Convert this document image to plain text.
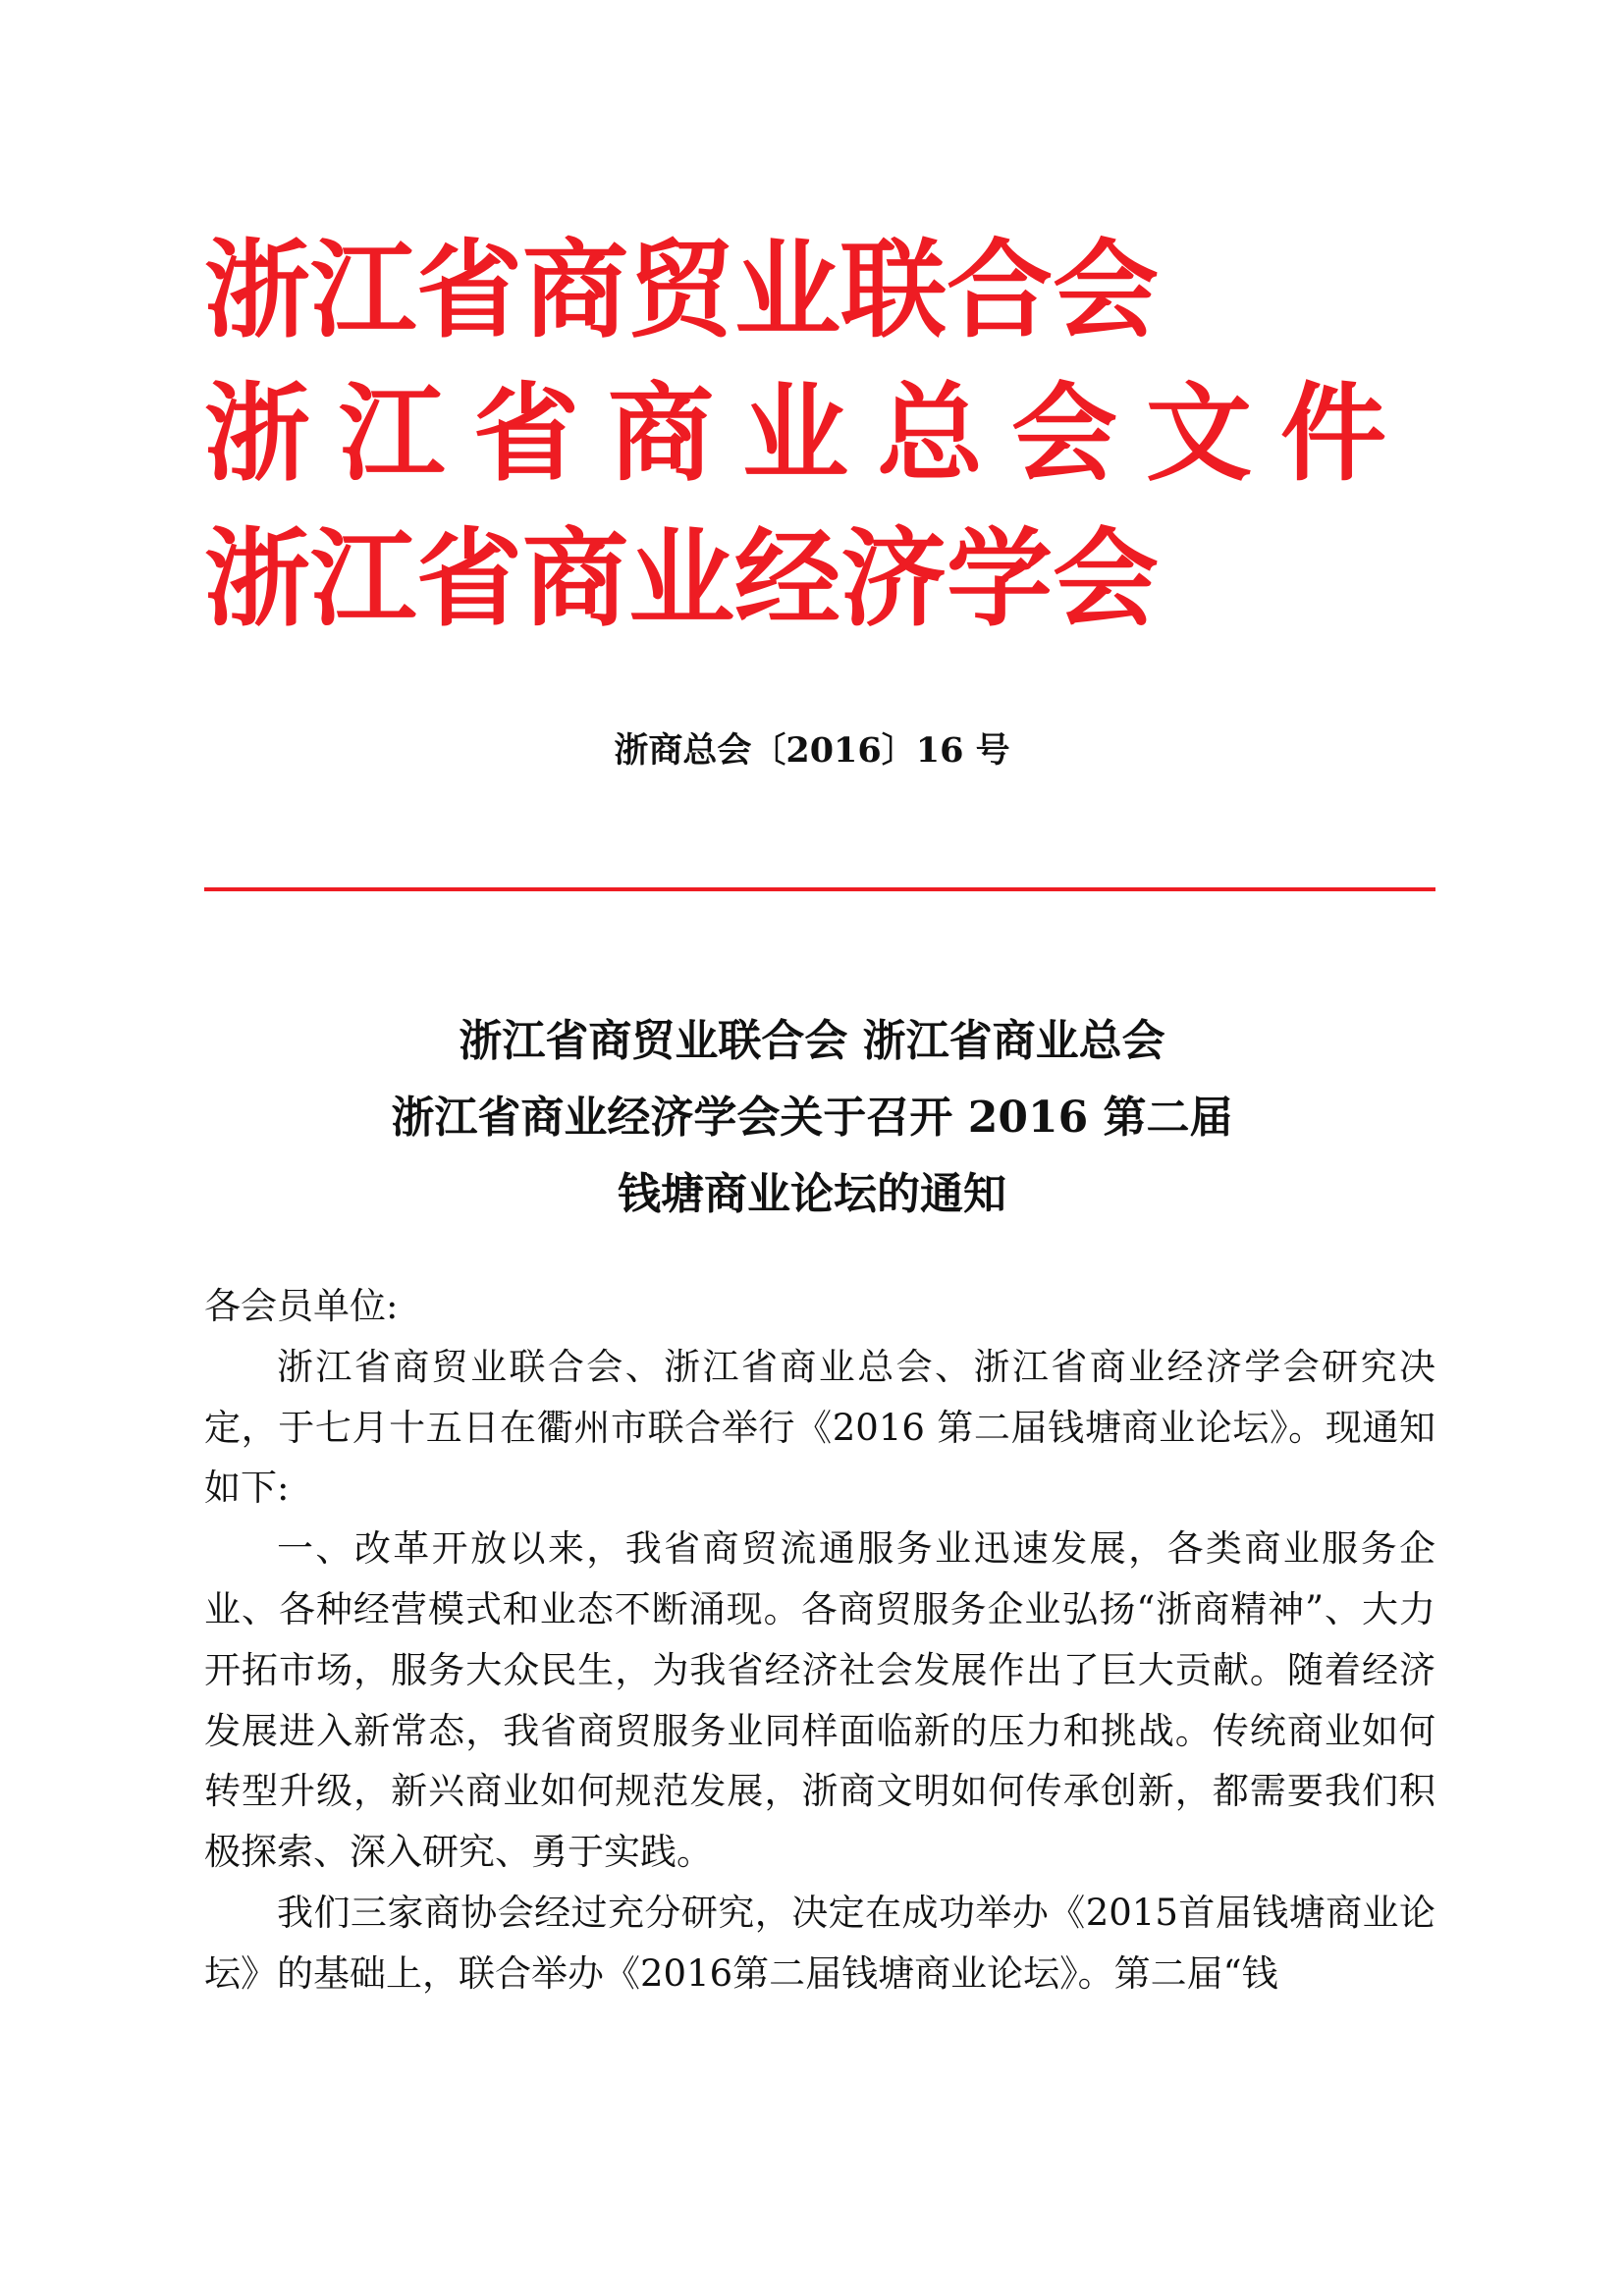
浙江省商贸业联合会
浙江省商业总会文件
浙江省商业经济学会

浙商总会〔2016〕16 号

浙江省商贸业联合会 浙江省商业总会
浙江省商业经济学会关于召开 2016 第二届
钱塘商业论坛的通知

各会员单位:

浙江省商贸业联合会、浙江省商业总会、浙江省商业经济学会研究决定，于七月十五日在衢州市联合举行《2016 第二届钱塘商业论坛》。现通知如下:

一、改革开放以来，我省商贸流通服务业迅速发展，各类商业服务企业、各种经营模式和业态不断涌现。各商贸服务企业弘扬“浙商精神”、大力开拓市场，服务大众民生，为我省经济社会发展作出了巨大贡献。随着经济发展进入新常态，我省商贸服务业同样面临新的压力和挑战。传统商业如何转型升级，新兴商业如何规范发展，浙商文明如何传承创新，都需要我们积极探索、深入研究、勇于实践。

我们三家商协会经过充分研究，决定在成功举办《2015首届钱塘商业论坛》的基础上，联合举办《2016第二届钱塘商业论坛》。第二届“钱
